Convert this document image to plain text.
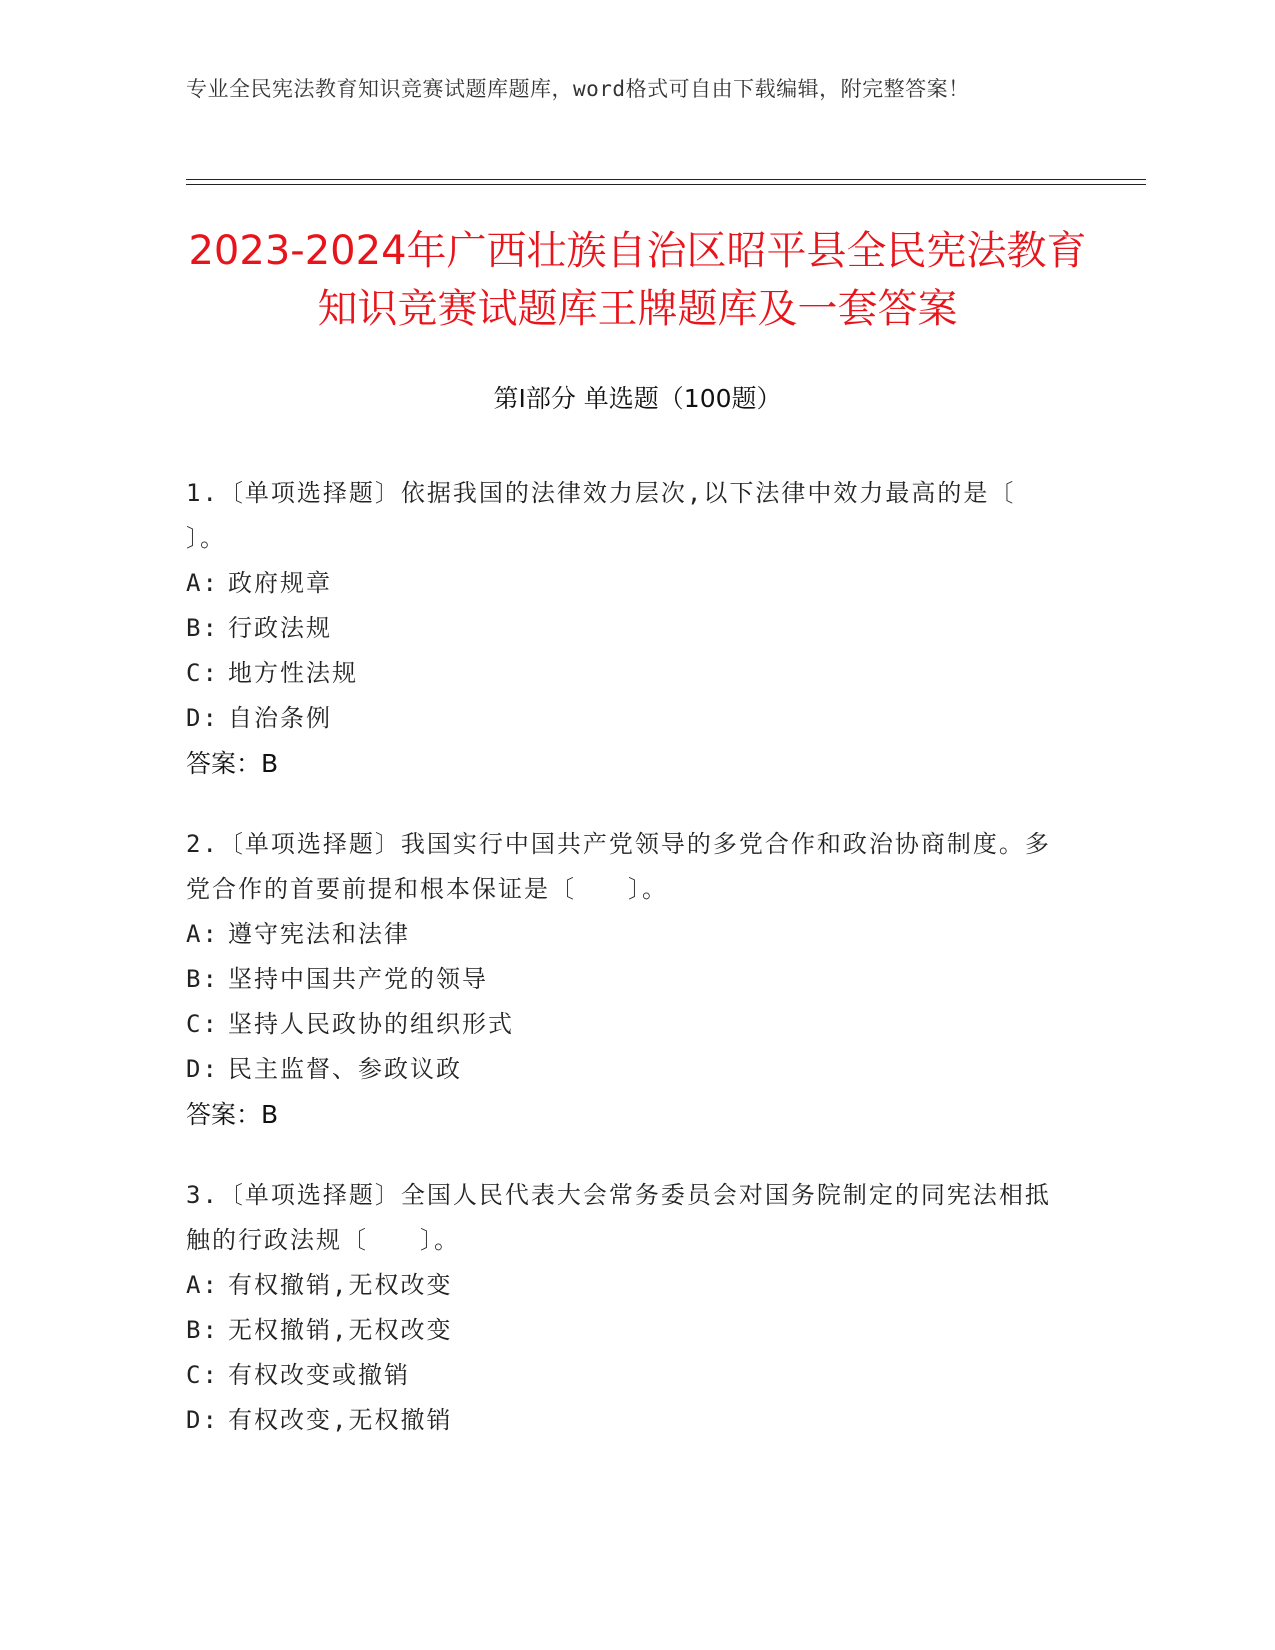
专业全民宪法教育知识竞赛试题库题库，word格式可自由下载编辑，附完整答案！
2023-2024年广西壮族自治区昭平县全民宪法教育知识竞赛试题库王牌题库及一套答案
第Ⅰ部分 单选题（100题）
1.〔单项选择题〕依据我国的法律效力层次,以下法律中效力最高的是〔　　〕。
A: 政府规章
B: 行政法规
C: 地方性法规
D: 自治条例
答案：B
2.〔单项选择题〕我国实行中国共产党领导的多党合作和政治协商制度。多党合作的首要前提和根本保证是〔　　〕。
A: 遵守宪法和法律
B: 坚持中国共产党的领导
C: 坚持人民政协的组织形式
D: 民主监督、参政议政
答案：B
3.〔单项选择题〕全国人民代表大会常务委员会对国务院制定的同宪法相抵触的行政法规〔　　〕。
A: 有权撤销,无权改变
B: 无权撤销,无权改变
C: 有权改变或撤销
D: 有权改变,无权撤销
